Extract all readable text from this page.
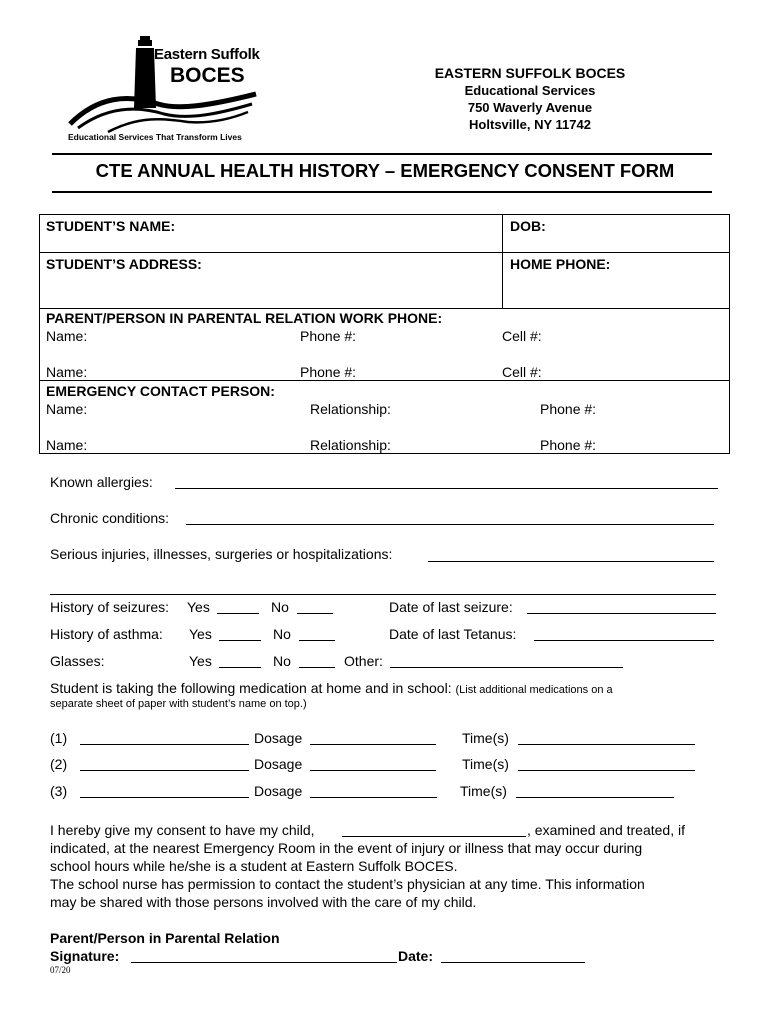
Eastern Suffolk
BOCES
Educational Services That Transform Lives
EASTERN SUFFOLK BOCES
Educational Services
750 Waverly Avenue
Holtsville, NY 11742
CTE ANNUAL HEALTH HISTORY – EMERGENCY CONSENT FORM
STUDENT’S NAME:	DOB:
STUDENT’S ADDRESS:	HOME PHONE:
PARENT/PERSON IN PARENTAL RELATION WORK PHONE:
Name:	Phone #:	Cell #:
Name:	Phone #:	Cell #:
EMERGENCY CONTACT PERSON:
Name:	Relationship:	Phone #:
Name:	Relationship:	Phone #:
Known allergies:
Chronic conditions:
Serious injuries, illnesses, surgeries or hospitalizations:
History of seizures: Yes	No	Date of last seizure:
History of asthma: Yes	No	Date of last Tetanus:
Glasses:	Yes	No	Other:
Student is taking the following medication at home and in school: (List additional medications on a
separate sheet of paper with student’s name on top.)
(1)	Dosage	Time(s)
(2)	Dosage	Time(s)
(3)	Dosage	Time(s)
I hereby give my consent to have my child,	, examined and treated, if
indicated, at the nearest Emergency Room in the event of injury or illness that may occur during
school hours while he/she is a student at Eastern Suffolk BOCES.
The school nurse has permission to contact the student’s physician at any time. This information
may be shared with those persons involved with the care of my child.
Parent/Person in Parental Relation
Signature:	Date:
07/20
